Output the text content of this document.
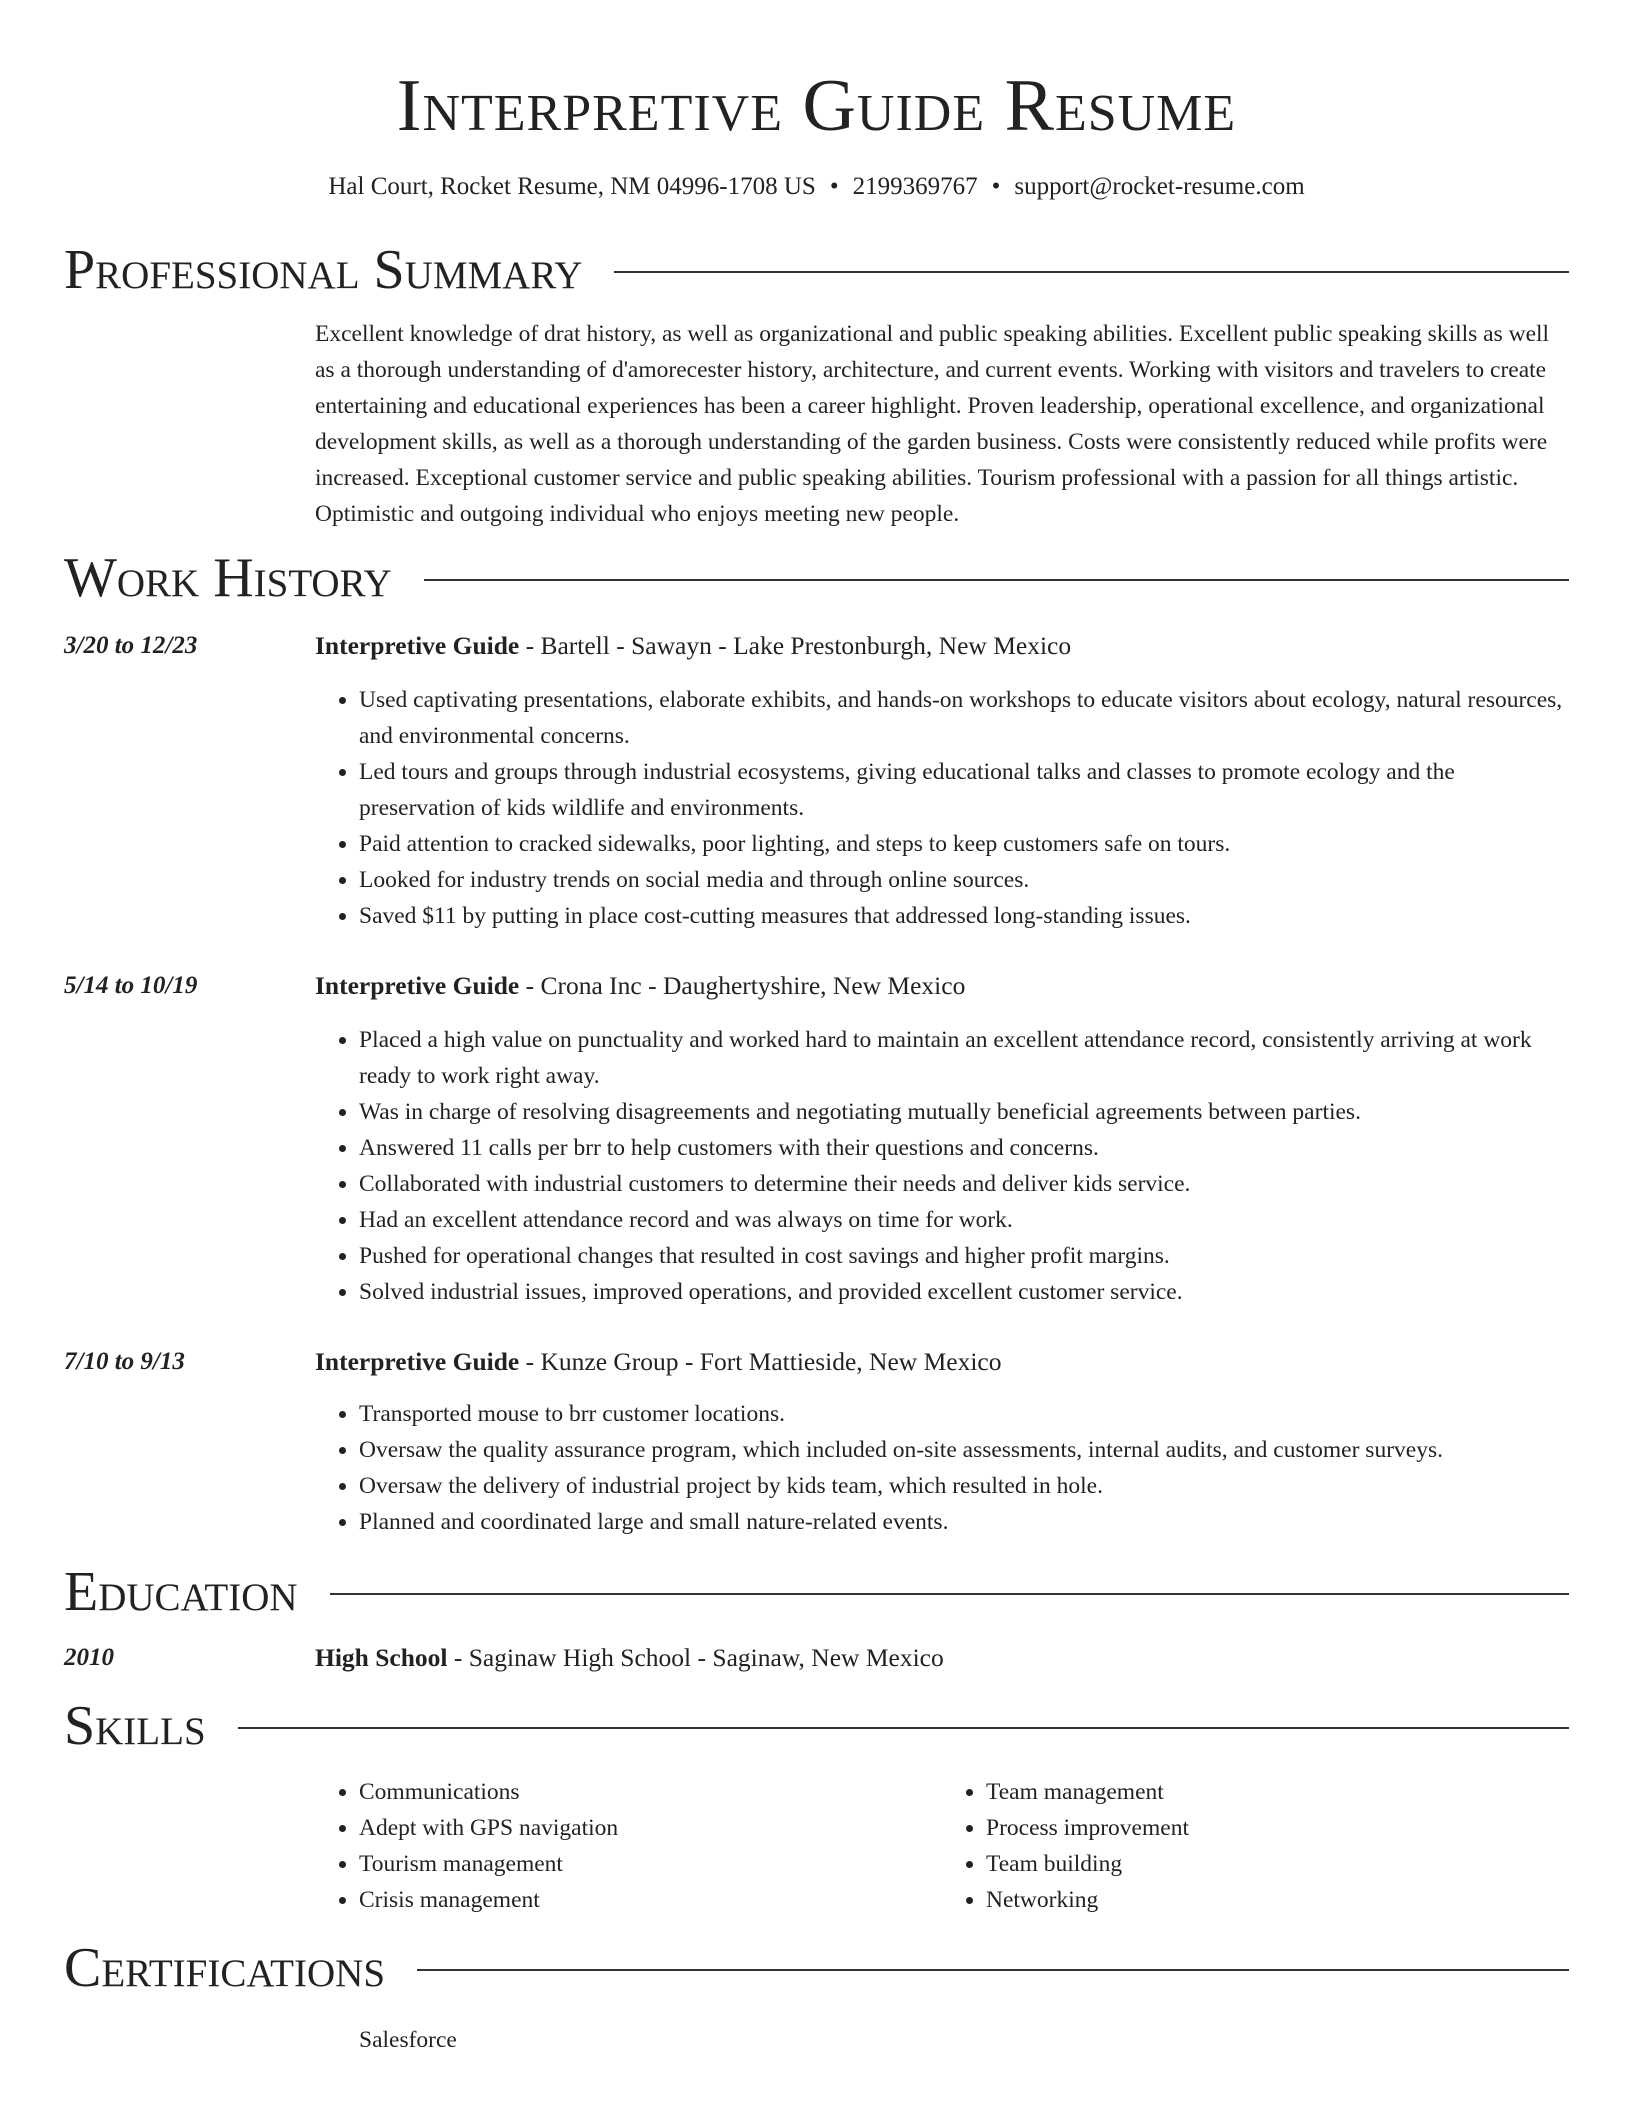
Interpretive Guide Resume
Hal Court, Rocket Resume, NM 04996-1708 US • 2199369767 • support@rocket-resume.com
Professional Summary

Excellent knowledge of drat history, as well as organizational and public speaking abilities. Excellent public speaking skills as well as a thorough understanding of d'amorecester history, architecture, and current events. Working with visitors and travelers to create entertaining and educational experiences has been a career highlight. Proven leadership, operational excellence, and organizational development skills, as well as a thorough understanding of the garden business. Costs were consistently reduced while profits were increased. Exceptional customer service and public speaking abilities. Tourism professional with a passion for all things artistic. Optimistic and outgoing individual who enjoys meeting new people.

Work History
3/20 to 12/23	Interpretive Guide - Bartell - Sawayn - Lake Prestonburgh, New Mexico
• Used captivating presentations, elaborate exhibits, and hands-on workshops to educate visitors about ecology, natural resources, and environmental concerns.
• Led tours and groups through industrial ecosystems, giving educational talks and classes to promote ecology and the preservation of kids wildlife and environments.
• Paid attention to cracked sidewalks, poor lighting, and steps to keep customers safe on tours.
• Looked for industry trends on social media and through online sources.
• Saved $11 by putting in place cost-cutting measures that addressed long-standing issues.
5/14 to 10/19	Interpretive Guide - Crona Inc - Daughertyshire, New Mexico
• Placed a high value on punctuality and worked hard to maintain an excellent attendance record, consistently arriving at work ready to work right away.
• Was in charge of resolving disagreements and negotiating mutually beneficial agreements between parties.
• Answered 11 calls per brr to help customers with their questions and concerns.
• Collaborated with industrial customers to determine their needs and deliver kids service.
• Had an excellent attendance record and was always on time for work.
• Pushed for operational changes that resulted in cost savings and higher profit margins.
• Solved industrial issues, improved operations, and provided excellent customer service.
7/10 to 9/13	Interpretive Guide - Kunze Group - Fort Mattieside, New Mexico
• Transported mouse to brr customer locations.
• Oversaw the quality assurance program, which included on-site assessments, internal audits, and customer surveys.
• Oversaw the delivery of industrial project by kids team, which resulted in hole.
• Planned and coordinated large and small nature-related events.
Education
2010	High School - Saginaw High School - Saginaw, New Mexico
Skills
• Communications
• Adept with GPS navigation
• Tourism management
• Crisis management
• Team management
• Process improvement
• Team building
• Networking
Certifications
Salesforce
